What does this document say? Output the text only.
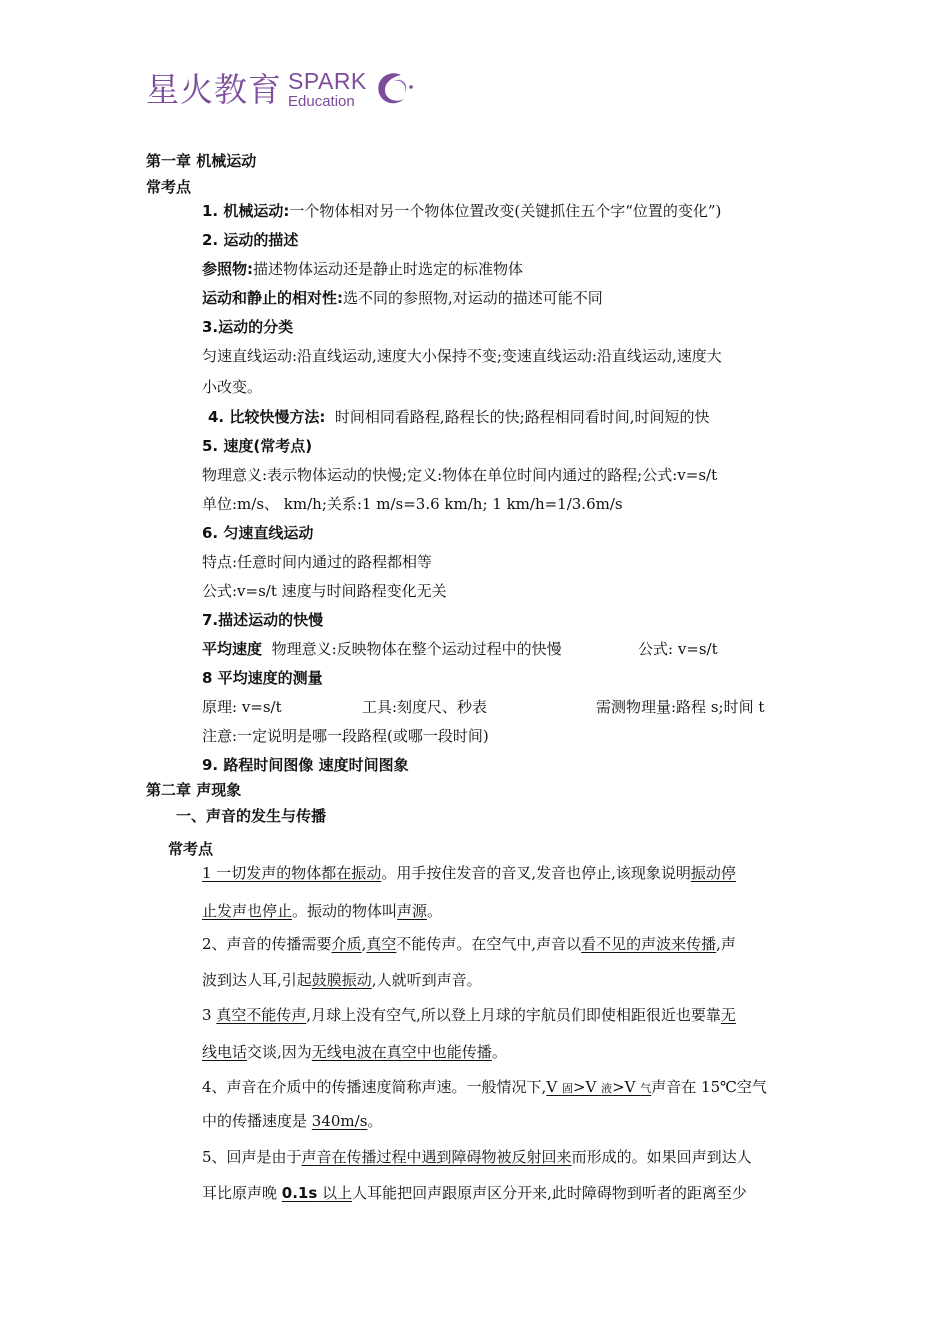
星火教育 SPARK
Education
第一章 机械运动
常考点
1. 机械运动:一个物体相对另一个物体位置改变(关键抓住五个字“位置的变化”)
2. 运动的描述
参照物:描述物体运动还是静止时选定的标准物体
运动和静止的相对性:选不同的参照物,对运动的描述可能不同
3.运动的分类
匀速直线运动:沿直线运动,速度大小保持不变;变速直线运动:沿直线运动,速度大
小改变。
4. 比较快慢方法: 时间相同看路程,路程长的快;路程相同看时间,时间短的快
5. 速度(常考点)
物理意义:表示物体运动的快慢;定义:物体在单位时间内通过的路程;公式:v=s/t
单位:m/s、 km/h;关系:1 m/s=3.6 km/h; 1 km/h=1/3.6m/s
6. 匀速直线运动
特点:任意时间内通过的路程都相等
公式:v=s/t 速度与时间路程变化无关
7.描述运动的快慢
平均速度 物理意义:反映物体在整个运动过程中的快慢	公式: v=s/t
8 平均速度的测量
原理: v=s/t	工具:刻度尺、秒表	需测物理量:路程 s;时间 t
注意:一定说明是哪一段路程(或哪一段时间)
9. 路程时间图像 速度时间图象
第二章 声现象
一、声音的发生与传播
常考点
1 一切发声的物体都在振动。用手按住发音的音叉,发音也停止,该现象说明振动停
止发声也停止。振动的物体叫声源。
2、声音的传播需要介质,真空不能传声。在空气中,声音以看不见的声波来传播,声
波到达人耳,引起鼓膜振动,人就听到声音。
3 真空不能传声,月球上没有空气,所以登上月球的宇航员们即使相距很近也要靠无
线电话交谈,因为无线电波在真空中也能传播。
4、声音在介质中的传播速度简称声速。一般情况下,V 固>V 液>V 气声音在 15℃空气
中的传播速度是 340m/s。
5、回声是由于声音在传播过程中遇到障碍物被反射回来而形成的。如果回声到达人
耳比原声晚 0.1s 以上人耳能把回声跟原声区分开来,此时障碍物到听者的距离至少
